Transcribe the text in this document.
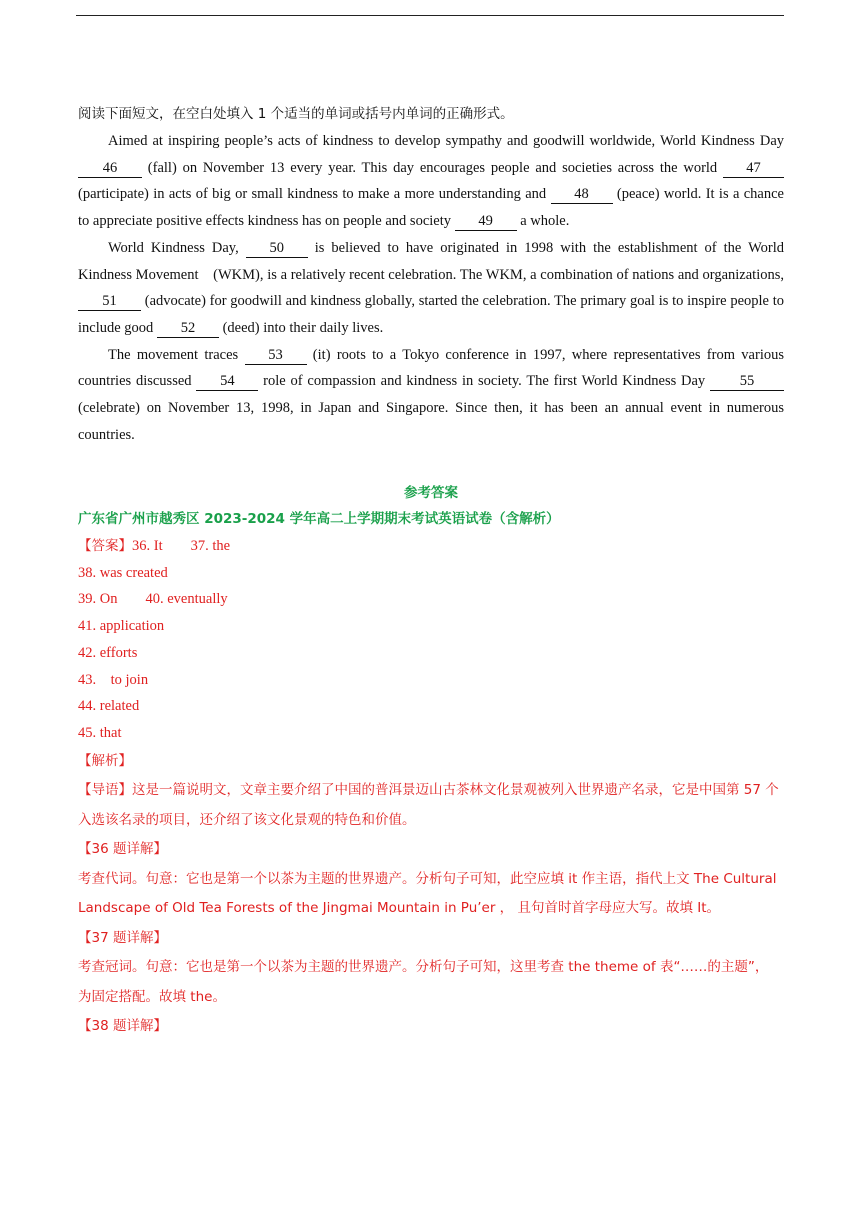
阅读下面短文，在空白处填入 1 个适当的单词或括号内单词的正确形式。

Aimed at inspiring people’s acts of kindness to develop sympathy and goodwill worldwide, World Kindness Day 46 (fall) on November 13 every year. This day encourages people and societies across the world 47 (participate) in acts of big or small kindness to make a more understanding and 48 (peace) world. It is a chance to appreciate positive effects kindness has on people and society 49 a whole.

World Kindness Day, 50 is believed to have originated in 1998 with the establishment of the World Kindness Movement　(WKM), is a relatively recent celebration. The WKM, a combination of nations and organizations, 51 (advocate) for goodwill and kindness globally, started the celebration. The primary goal is to inspire people to include good 52 (deed) into their daily lives.

The movement traces 53 (it) roots to a Tokyo conference in 1997, where representatives from various countries discussed 54 role of compassion and kindness in society. The first World Kindness Day 55 (celebrate) on November 13, 1998, in Japan and Singapore. Since then, it has been an annual event in numerous countries.

参考答案

广东省广州市越秀区 2023-2024 学年高二上学期期末考试英语试卷（含解析）

【答案】36. It 37. the

38. was created

39. On 40. eventually

41. application

42. efforts

43.　to join

44. related

45. that

【解析】

【导语】这是一篇说明文，文章主要介绍了中国的普洱景迈山古茶林文化景观被列入世界遗产名录，它是中国第 57 个入选该名录的项目，还介绍了该文化景观的特色和价值。

【36 题详解】

考查代词。句意：它也是第一个以茶为主题的世界遗产。分析句子可知，此空应填 it 作主语，指代上文 The Cultural Landscape of Old Tea Forests of the Jingmai Mountain in Pu’er ， 且句首时首字母应大写。故填 It。

【37 题详解】

考查冠词。句意：它也是第一个以茶为主题的世界遗产。分析句子可知，这里考查 the theme of 表“……的主题”， 为固定搭配。故填 the。

【38 题详解】
